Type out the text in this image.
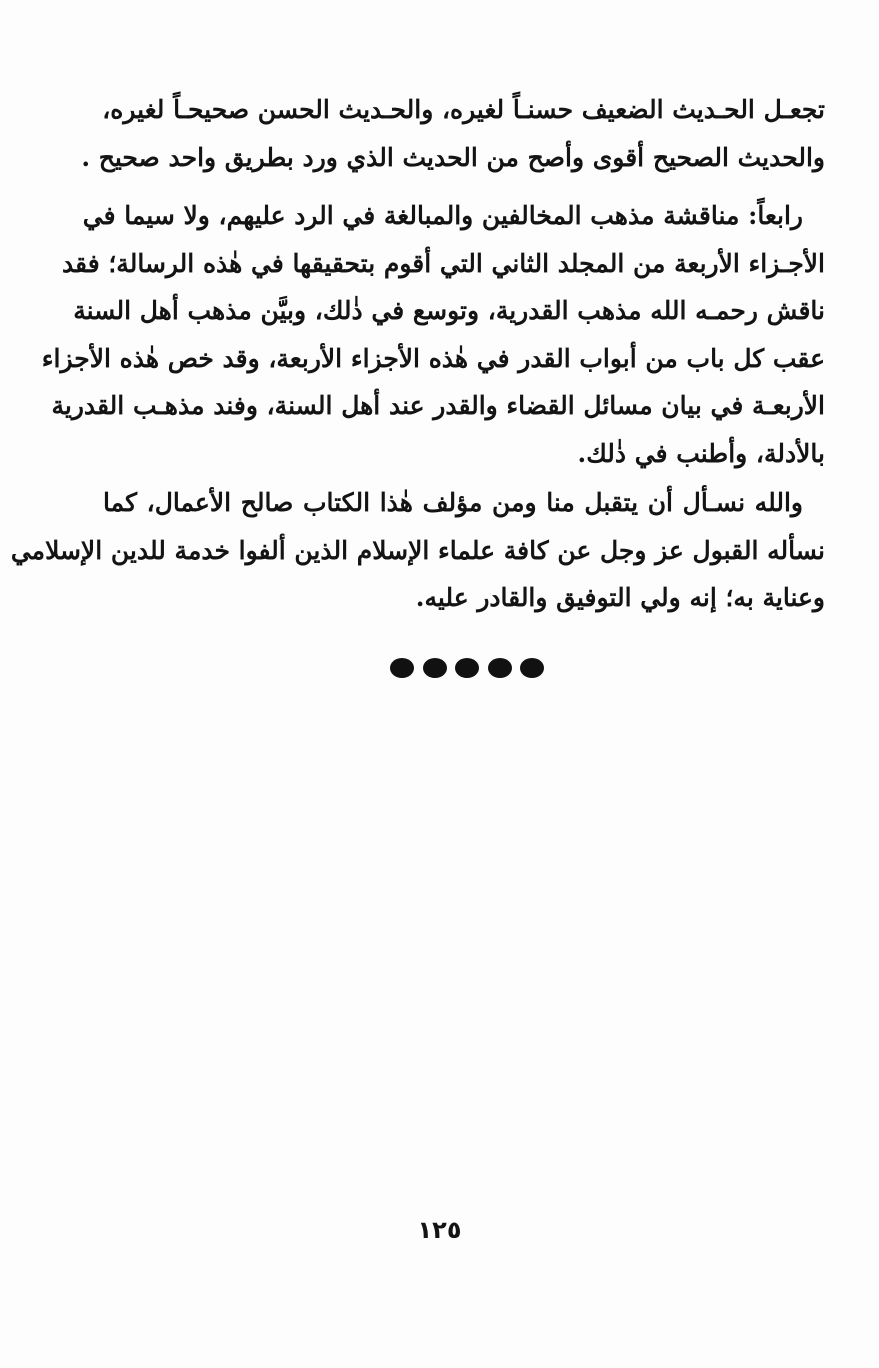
تجعـل الحـديث الضعيف حسنـاً لغيره، والحـديث الحسن صحيحـاً لغيره،
والحديث الصحيح أقوى وأصح من الحديث الذي ورد بطريق واحد صحيح .
رابعاً: مناقشة مذهب المخالفين والمبالغة في الرد عليهم، ولا سيما في
الأجـزاء الأربعة من المجلد الثاني التي أقوم بتحقيقها في هٰذه الرسالة؛ فقد
ناقش رحمـه الله مذهب القدرية، وتوسع في ذٰلك، وبيَّن مذهب أهل السنة
عقب كل باب من أبواب القدر في هٰذه الأجزاء الأربعة، وقد خص هٰذه الأجزاء
الأربعـة في بيان مسائل القضاء والقدر عند أهل السنة، وفند مذهـب القدرية
بالأدلة، وأطنب في ذٰلك.
والله نسـأل أن يتقبل منا ومن مؤلف هٰذا الكتاب صالح الأعمال، كما
نسأله القبول عز وجل عن كافة علماء الإسلام الذين ألفوا خدمة للدين الإسلامي
وعناية به؛ إنه ولي التوفيق والقادر عليه.
١٢٥
